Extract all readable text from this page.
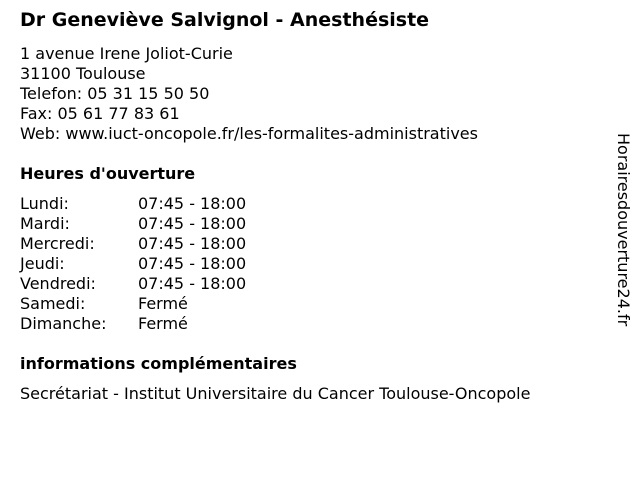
Dr Geneviève Salvignol - Anesthésiste
1 avenue Irene Joliot-Curie
31100 Toulouse
Telefon: 05 31 15 50 50
Fax: 05 61 77 83 61
Web: www.iuct-oncopole.fr/les-formalites-administratives
Heures d'ouverture
Lundi:	07:45 - 18:00
Mardi:	07:45 - 18:00
Mercredi:	07:45 - 18:00
Jeudi:	07:45 - 18:00
Vendredi:	07:45 - 18:00
Samedi:	Fermé
Dimanche: Fermé
informations complémentaires
Secrétariat - Institut Universitaire du Cancer Toulouse-Oncopole
Horairesdouverture24.fr
